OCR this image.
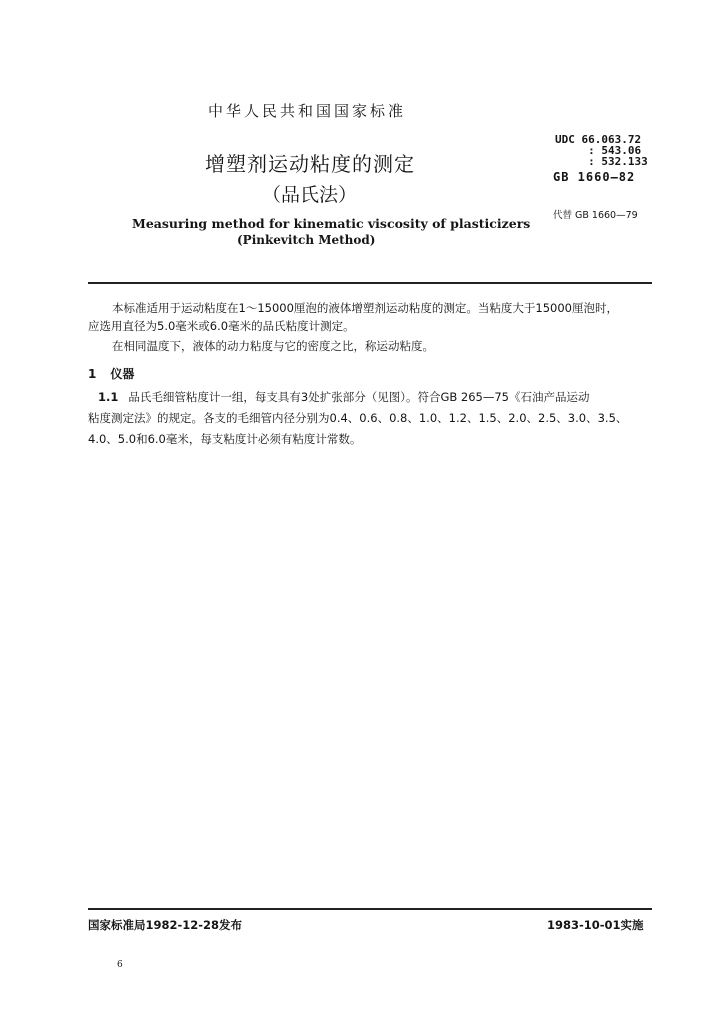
中华人民共和国国家标准
增塑剂运动粘度的测定
（品氏法）
Measuring method for kinematic viscosity of plasticizers
(Pinkevitch Method)
UDC 66.063.72
: 543.06
: 532.133
GB 1660—82
代替 GB 1660—79
本标准适用于运动粘度在1～15000厘泡的液体增塑剂运动粘度的测定。当粘度大于15000厘泡时，
应选用直径为5.0毫米或6.0毫米的品氏粘度计测定。
在相同温度下，液体的动力粘度与它的密度之比，称运动粘度。
1 仪器
1.1 品氏毛细管粘度计一组，每支具有3处扩张部分（见图）。符合GB 265—75《石油产品运动
粘度测定法》的规定。各支的毛细管内径分别为0.4、0.6、0.8、1.0、1.2、1.5、2.0、2.5、3.0、3.5、
4.0、5.0和6.0毫米，每支粘度计必须有粘度计常数。
国家标准局1982-12-28发布	1983-10-01实施
6
